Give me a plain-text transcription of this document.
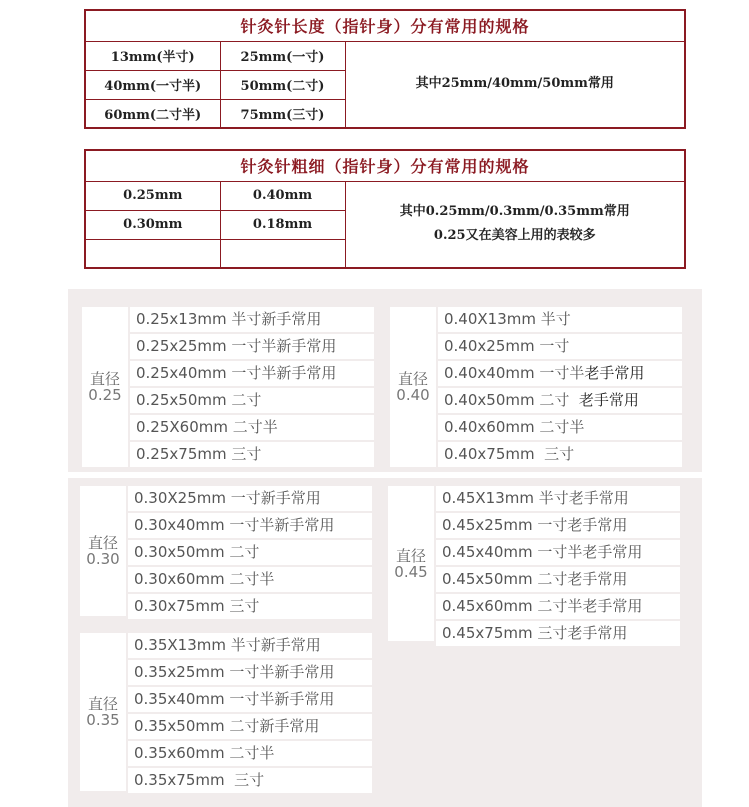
针灸针长度（指针身）分有常用的规格		
13mm(半寸)	25mm(一寸)	其中25mm/40mm/50mm常用
40mm(一寸半)	50mm(二寸)	
60mm(二寸半)	75mm(三寸)	
针灸针粗细（指针身）分有常用的规格		
0.25mm	0.40mm	其中0.25mm/0.3mm/0.35mm常用
0.25又在美容上用的表较多

0.30mm	0.18mm	

直径
0.25
0.25x13mm 半寸新手常用
0.25x25mm 一寸半新手常用
0.25x40mm 一寸半新手常用
0.25x50mm 二寸
0.25X60mm 二寸半
0.25x75mm 三寸
直径
0.40
0.40X13mm 半寸
0.40x25mm 一寸
0.40x40mm 一寸半老手常用
0.40x50mm 二寸  老手常用
0.40x60mm 二寸半
0.40x75mm  三寸
直径
0.30
0.30X25mm 一寸新手常用
0.30x40mm 一寸半新手常用
0.30x50mm 二寸
0.30x60mm 二寸半
0.30x75mm 三寸
直径
0.45
0.45X13mm 半寸老手常用
0.45x25mm 一寸老手常用
0.45x40mm 一寸半老手常用
0.45x50mm 二寸老手常用
0.45x60mm 二寸半老手常用
0.45x75mm 三寸老手常用
直径
0.35
0.35X13mm 半寸新手常用
0.35x25mm 一寸半新手常用
0.35x40mm 一寸半新手常用
0.35x50mm 二寸新手常用
0.35x60mm 二寸半
0.35x75mm  三寸
